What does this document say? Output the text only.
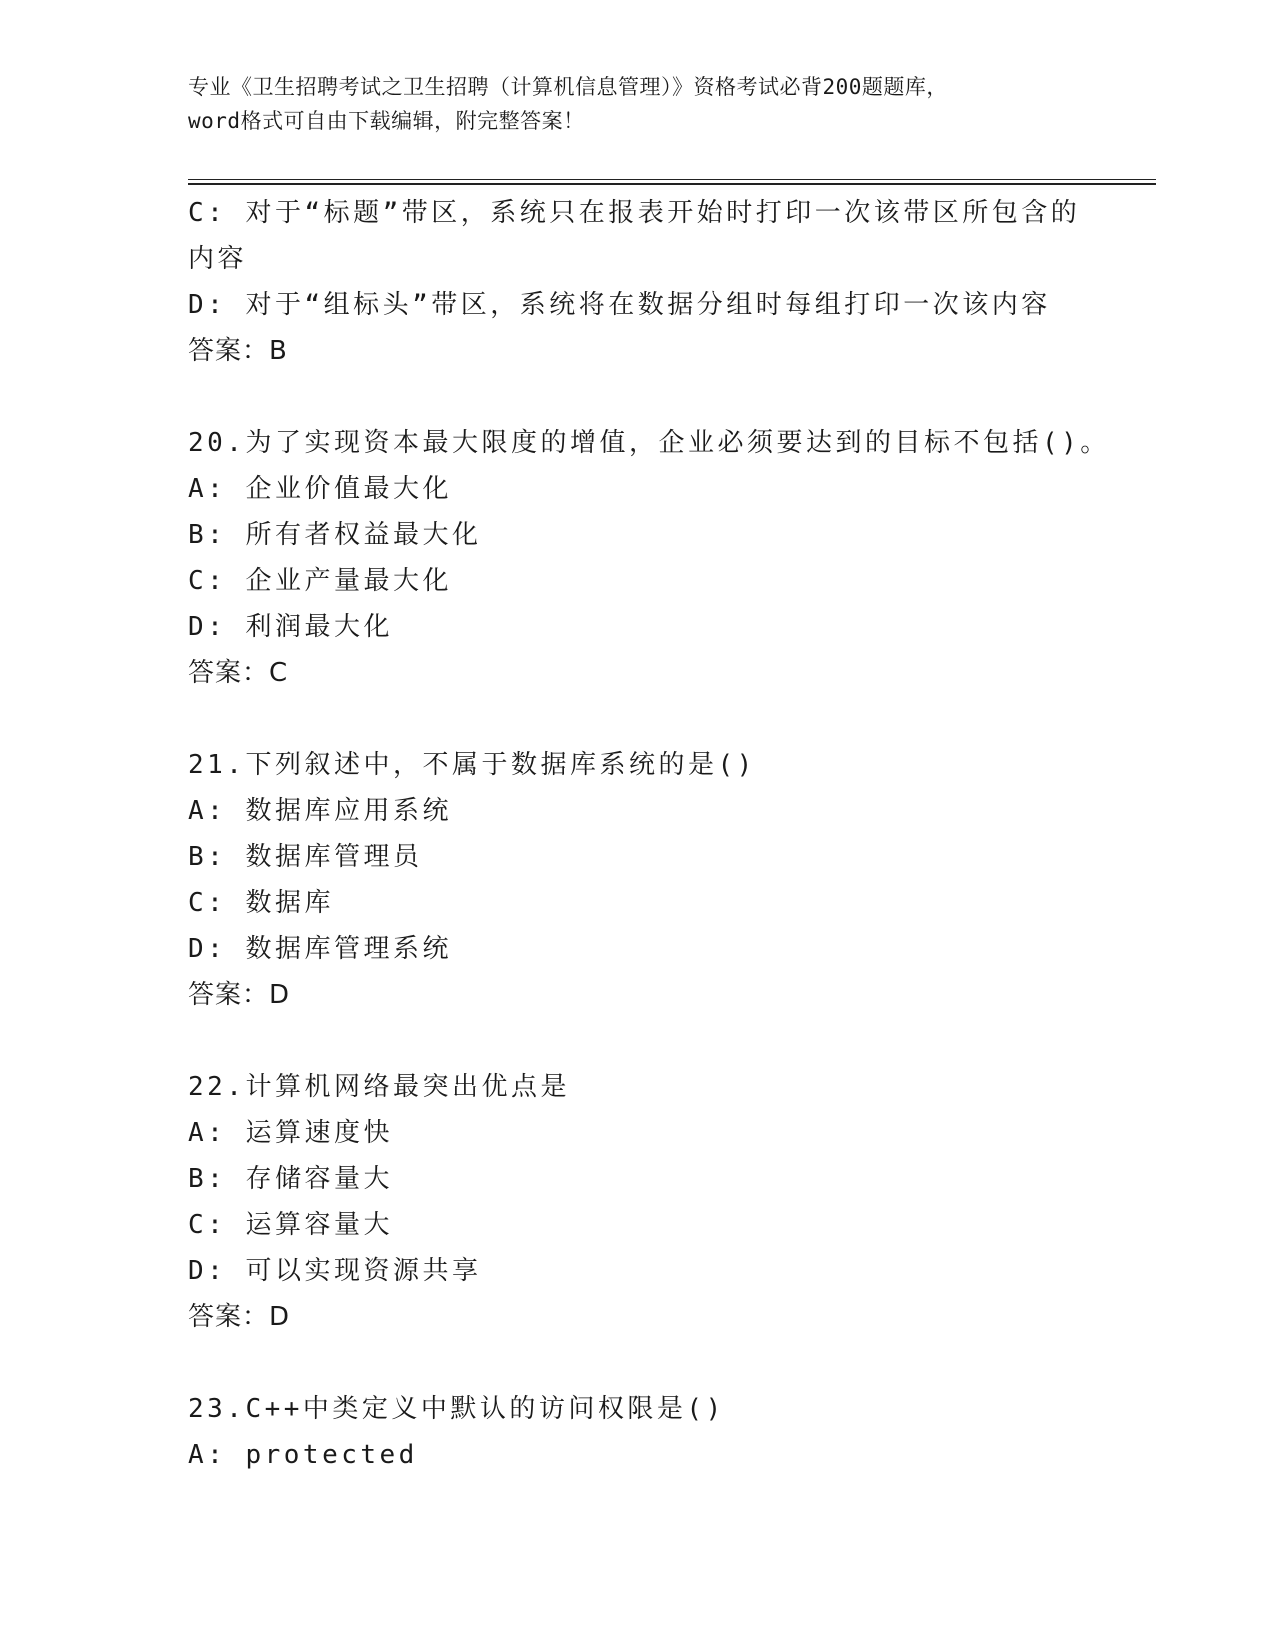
专业《卫生招聘考试之卫生招聘（计算机信息管理）》资格考试必背200题题库，
word格式可自由下载编辑，附完整答案！
C: 对于“标题”带区，系统只在报表开始时打印一次该带区所包含的
内容
D: 对于“组标头”带区，系统将在数据分组时每组打印一次该内容
答案：B
20.为了实现资本最大限度的增值，企业必须要达到的目标不包括()。
A: 企业价值最大化
B: 所有者权益最大化
C: 企业产量最大化
D: 利润最大化
答案：C
21.下列叙述中，不属于数据库系统的是()
A: 数据库应用系统
B: 数据库管理员
C: 数据库
D: 数据库管理系统
答案：D
22.计算机网络最突出优点是
A: 运算速度快
B: 存储容量大
C: 运算容量大
D: 可以实现资源共享
答案：D
23.C++中类定义中默认的访问权限是()
A: protected
